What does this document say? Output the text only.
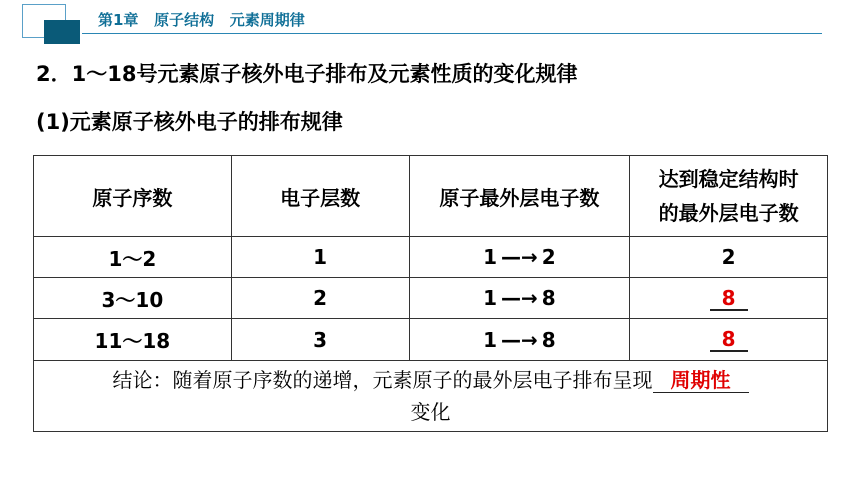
第1章 原子结构 元素周期律
2．1～18号元素原子核外电子排布及元素性质的变化规律
(1)元素原子核外电子的排布规律
原子序数	电子层数	原子最外层电子数	达到稳定结构时
的最外层电子数
1～2	1	1 —→ 2	2
3～10	2	1 —→ 8	8
11～18	3	1 —→ 8	8
结论：随着原子序数的递增，元素原子的最外层电子排布呈现 周期性
变化			
